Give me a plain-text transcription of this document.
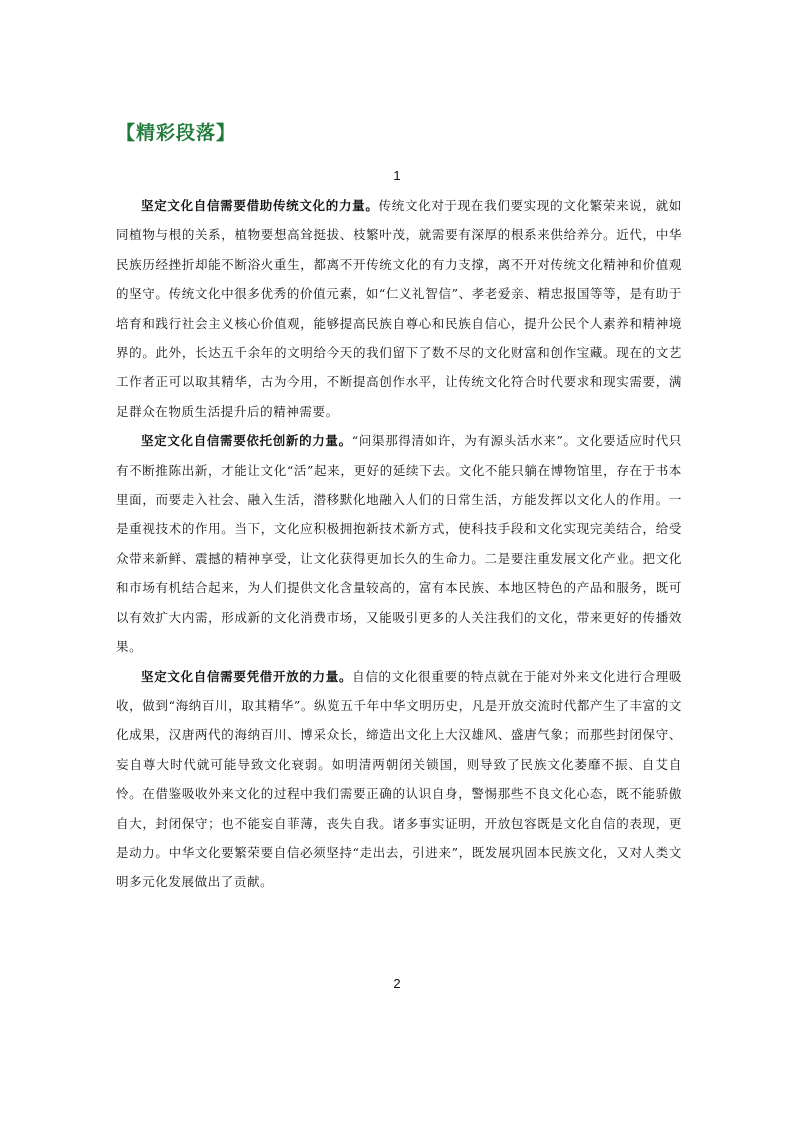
【精彩段落】
1

坚定文化自信需要借助传统文化的力量。传统文化对于现在我们要实现的文化繁荣来说，就如同植物与根的关系，植物要想高耸挺拔、枝繁叶茂，就需要有深厚的根系来供给养分。近代，中华民族历经挫折却能不断浴火重生，都离不开传统文化的有力支撑，离不开对传统文化精神和价值观的坚守。传统文化中很多优秀的价值元素，如“仁义礼智信”、孝老爱亲、精忠报国等等，是有助于培育和践行社会主义核心价值观，能够提高民族自尊心和民族自信心，提升公民个人素养和精神境界的。此外，长达五千余年的文明给今天的我们留下了数不尽的文化财富和创作宝藏。现在的文艺工作者正可以取其精华，古为今用，不断提高创作水平，让传统文化符合时代要求和现实需要，满足群众在物质生活提升后的精神需要。

坚定文化自信需要依托创新的力量。“问渠那得清如许，为有源头活水来”。文化要适应时代只有不断推陈出新，才能让文化“活”起来，更好的延续下去。文化不能只躺在博物馆里，存在于书本里面，而要走入社会、融入生活，潜移默化地融入人们的日常生活，方能发挥以文化人的作用。一是重视技术的作用。当下，文化应积极拥抱新技术新方式，使科技手段和文化实现完美结合，给受众带来新鲜、震撼的精神享受，让文化获得更加长久的生命力。二是要注重发展文化产业。把文化和市场有机结合起来，为人们提供文化含量较高的，富有本民族、本地区特色的产品和服务，既可以有效扩大内需，形成新的文化消费市场，又能吸引更多的人关注我们的文化，带来更好的传播效果。

坚定文化自信需要凭借开放的力量。自信的文化很重要的特点就在于能对外来文化进行合理吸收，做到“海纳百川，取其精华”。纵览五千年中华文明历史，凡是开放交流时代都产生了丰富的文化成果，汉唐两代的海纳百川、博采众长，缔造出文化上大汉雄风、盛唐气象；而那些封闭保守、妄自尊大时代就可能导致文化衰弱。如明清两朝闭关锁国，则导致了民族文化萎靡不振、自艾自怜。在借鉴吸收外来文化的过程中我们需要正确的认识自身，警惕那些不良文化心态，既不能骄傲自大，封闭保守；也不能妄自菲薄，丧失自我。诸多事实证明，开放包容既是文化自信的表现，更是动力。中华文化要繁荣要自信必须坚持“走出去，引进来”，既发展巩固本民族文化，又对人类文明多元化发展做出了贡献。

2
